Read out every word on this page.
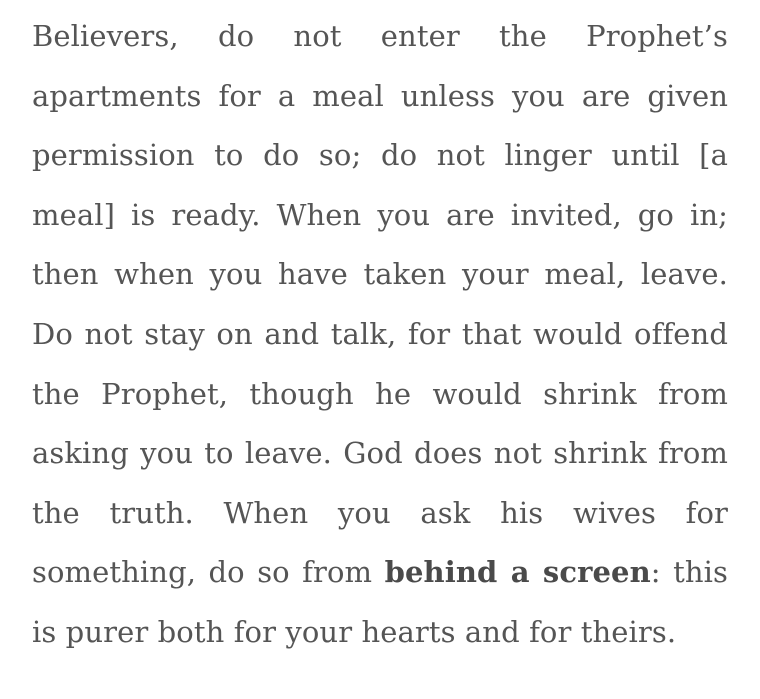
Believers, do not enter the Prophet’s apartments for a meal unless you are given permission to do so; do not linger until [a meal] is ready. When you are invited, go in; then when you have taken your meal, leave. Do not stay on and talk, for that would offend the Prophet, though he would shrink from asking you to leave. God does not shrink from the truth. When you ask his wives for something, do so from behind a screen: this is purer both for your hearts and for theirs.
